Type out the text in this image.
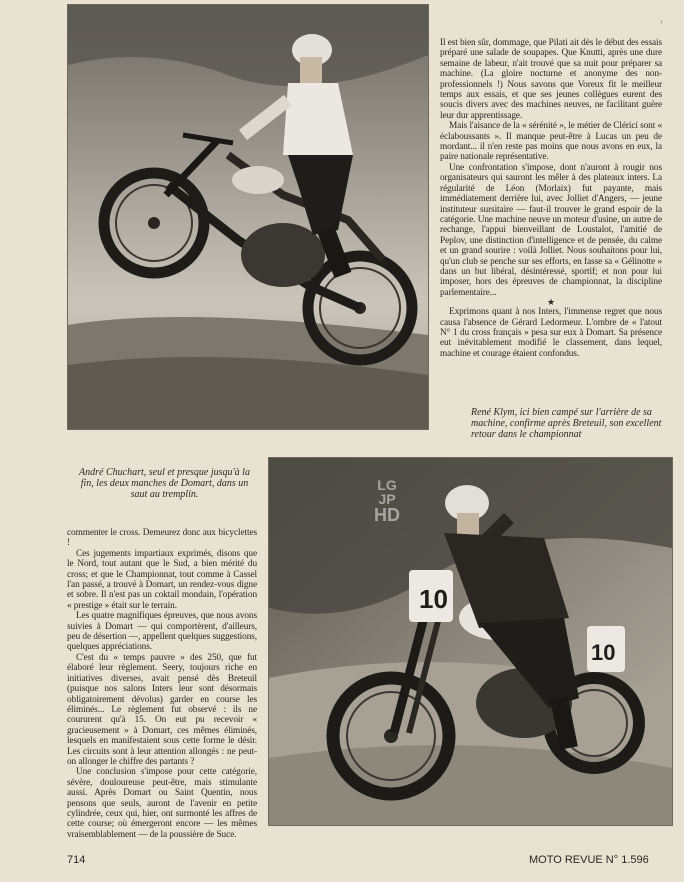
›

Il est bien sûr, dommage, que Pilati ait dès le début des essais préparé une salade de soupapes. Que Knutti, après une dure semaine de labeur, n'ait trouvé que sa nuit pour préparer sa machine. (La gloire nocturne et anonyme des non-professionnels !) Nous savons que Voreux fit le meilleur temps aux essais, et que ses jeunes collègues eurent des soucis divers avec des machines neuves, ne facilitant guère leur dur apprentissage.

Mais l'aisance de la « sérénité », le métier de Cléricí sont « éclaboussants ». Il manque peut-être à Lucas un peu de mordant... il n'en reste pas moins que nous avons en eux, la paire nationale représentative.

Une confrontation s'impose, dont n'auront à rougir nos organisateurs qui sauront les mêler à des plateaux inters. La régularité de Léon (Morlaix) fut payante, mais immédiatement derrière lui, avec Jolliet d'Angers, — jeune instituteur sursitaire — faut-il trouver le grand espoir de la catégorie. Une machine neuve un moteur d'usine, un autre de rechange, l'appui bienveillant de Loustalot, l'amitié de Peplov, une distinction d'intelligence et de pensée, du calme et un grand sourire : voilà Jolliet. Nous souhaitons pour lui, qu'un club se penche sur ses efforts, en fasse sa « Gélinotte » dans un but libéral, désintéressé, sportif; et non pour lui imposer, hors des épreuves de championnat, la discipline parlementaire...

★

Exprimons quant à nos Inters, l'immense regret que nous causa l'absence de Gérard Ledormeur. L'ombre de « l'atout N° 1 du cross français » pesa sur eux à Domart. Sa présence eut inévitablement modifié le classement, dans lequel, machine et courage étaient confondus.

René Klym, ici bien campé sur l'arrière de sa machine, confirme après Breteuil, son excellent retour dans le championnat
André Chuchart, seul et presque jusqu'à la fin, les deux manches de Domart, dans un saut au tremplin.
10
10
LG
JP
HD

commenter le cross. Demeurez donc aux bicyclettes !

Ces jugements impartiaux exprimés, disons que le Nord, tout autant que le Sud, a bien mérité du cross; et que le Championnat, tout comme à Cassel l'an passé, a trouvé à Domart, un rendez-vous digne et sobre. Il n'est pas un coktail mondain, l'opération « prestige » était sur le terrain.

Les quatre magnifiques épreuves, que nous avons suivies à Domart — qui comportèrent, d'ailleurs, peu de désertion —, appellent quelques suggestions, quelques appréciations.

C'est du « temps pauvre » des 250, que fut élaboré leur règlement. Seery, toujours riche en initiatives diverses, avait pensé dès Breteuil (puisque nos salons Inters leur sont désormais obligatoirement dévolus) garder en course les éliminés... Le règlement fut observé : ils ne coururent qu'à 15. On eut pu recevoir « gracieusement » à Domart, ces mêmes éliminés, lesquels en manifestaient sous cette forme le désir. Les circuits sont à leur attention allongés : ne peut-on allonger le chiffre des partants ?

Une conclusion s'impose pour cette catégorie, sévère, douloureuse peut-être, mais stimulante aussi. Après Domart ou Saint Quentin, nous pensons que seuls, auront de l'avenir en petite cylindrée, ceux qui, hier, ont surmonté les affres de cette course; où émergeront encore — les mêmes vraisemblablement — de la poussière de Suce.

714	MOTO REVUE N° 1.596
